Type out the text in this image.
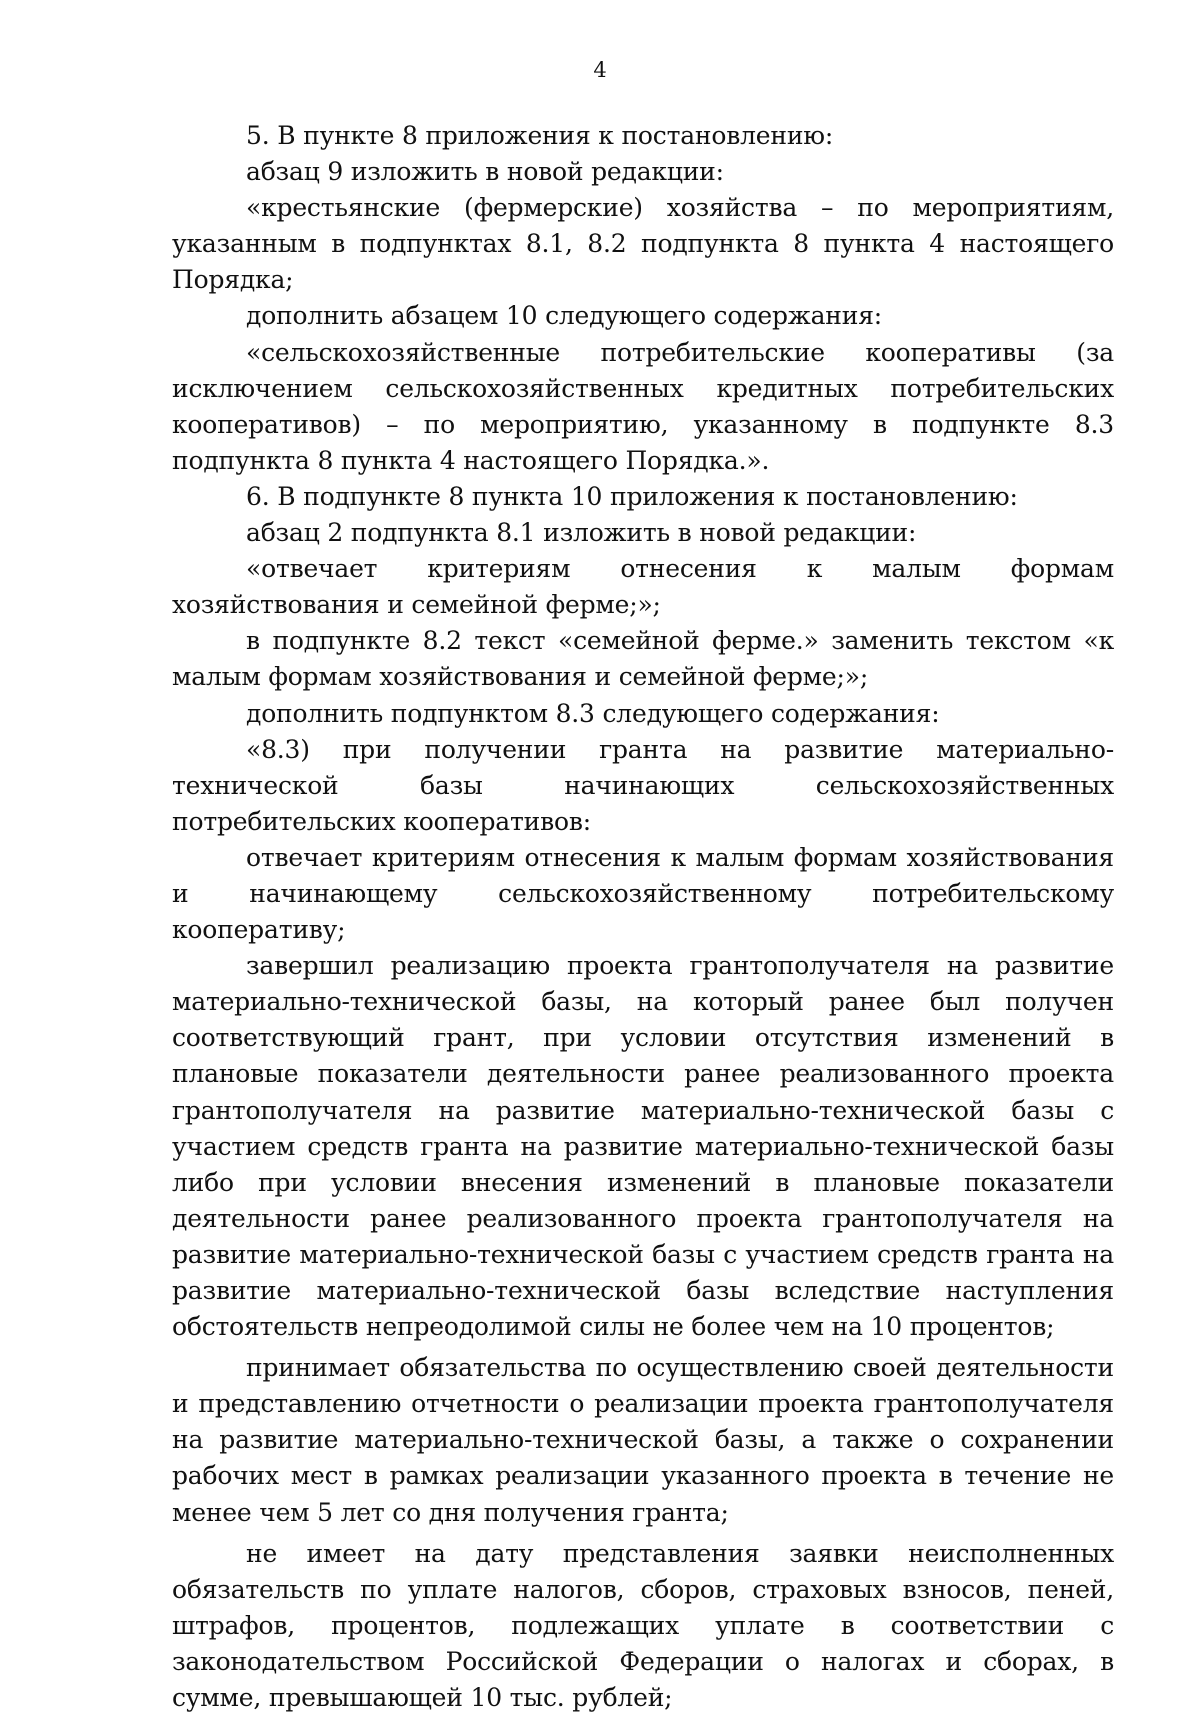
4

5. В пункте 8 приложения к постановлению:

абзац 9 изложить в новой редакции:

«крестьянские (фермерские) хозяйства – по мероприятиям, указанным в подпунктах 8.1, 8.2 подпункта 8 пункта 4 настоящего Порядка;

дополнить абзацем 10 следующего содержания:

«сельскохозяйственные потребительские кооперативы (за исключением сельскохозяйственных кредитных потребительских кооперативов) – по мероприятию, указанному в подпункте 8.3 подпункта 8 пункта 4 настоящего Порядка.».

6. В подпункте 8 пункта 10 приложения к постановлению:

абзац 2 подпункта 8.1 изложить в новой редакции:

«отвечает критериям отнесения к малым формам хозяйствования и семейной ферме;»;

в подпункте 8.2 текст «семейной ферме.» заменить текстом «к малым формам хозяйствования и семейной ферме;»;

дополнить подпунктом 8.3 следующего содержания:

«8.3) при получении гранта на развитие материально-технической базы начинающих сельскохозяйственных потребительских кооперативов:

отвечает критериям отнесения к малым формам хозяйствования и начинающему сельскохозяйственному потребительскому кооперативу;

завершил реализацию проекта грантополучателя на развитие материально-технической базы, на который ранее был получен соответствующий грант, при условии отсутствия изменений в плановые показатели деятельности ранее реализованного проекта грантополучателя на развитие материально-технической базы с участием средств гранта на развитие материально-технической базы либо при условии внесения изменений в плановые показатели деятельности ранее реализованного проекта грантополучателя на развитие материально-технической базы с участием средств гранта на развитие материально-технической базы вследствие наступления обстоятельств непреодолимой силы не более чем на 10 процентов;

принимает обязательства по осуществлению своей деятельности и представлению отчетности о реализации проекта грантополучателя на развитие материально-технической базы, а также о сохранении рабочих мест в рамках реализации указанного проекта в течение не менее чем 5 лет со дня получения гранта;

не имеет на дату представления заявки неисполненных обязательств по уплате налогов, сборов, страховых взносов, пеней, штрафов, процентов, подлежащих уплате в соответствии с законодательством Российской Федерации о налогах и сборах, в сумме, превышающей 10 тыс. рублей;
